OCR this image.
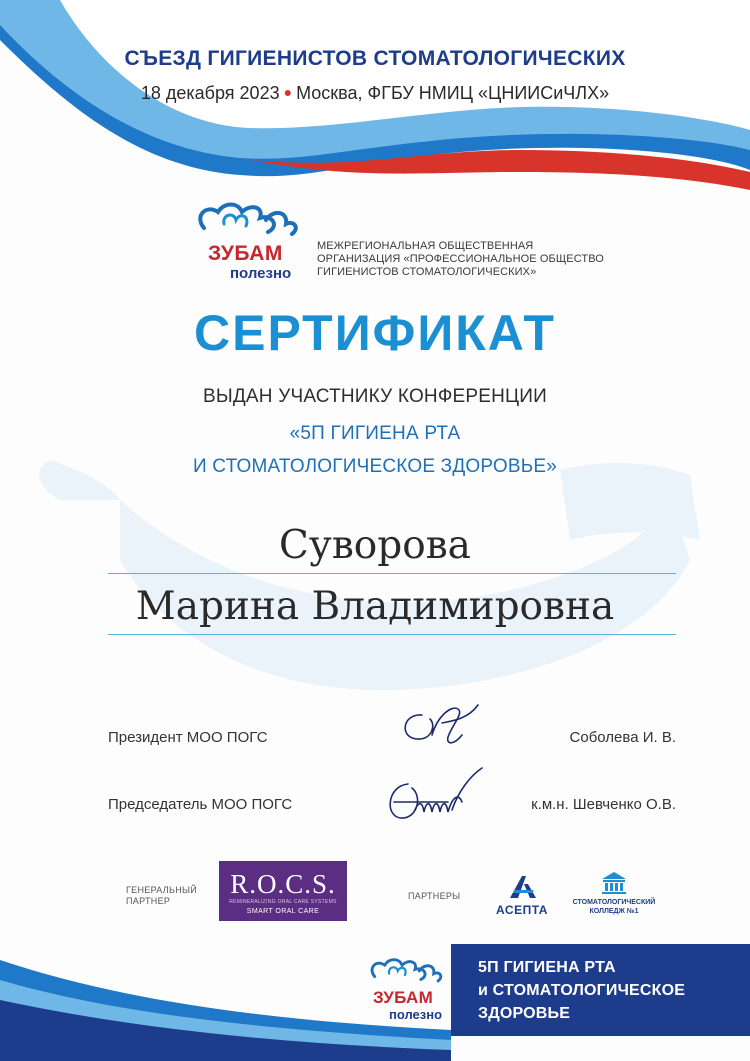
СЪЕЗД ГИГИЕНИСТОВ СТОМАТОЛОГИЧЕСКИХ
18 декабря 2023 ● Москва, ФГБУ НМИЦ «ЦНИИСиЧЛХ»
ЗУБАМ
полезно
МЕЖРЕГИОНАЛЬНАЯ ОБЩЕСТВЕННАЯ
ОРГАНИЗАЦИЯ «ПРОФЕССИОНАЛЬНОЕ ОБЩЕСТВО
ГИГИЕНИСТОВ СТОМАТОЛОГИЧЕСКИХ»
СЕРТИФИКАТ
ВЫДАН УЧАСТНИКУ КОНФЕРЕНЦИИ
«5П ГИГИЕНА РТА
И СТОМАТОЛОГИЧЕСКОЕ ЗДОРОВЬЕ»
Суворова
Марина Владимировна
Президент МОО ПОГС	Соболева И. В.
Председатель МОО ПОГС	к.м.н. Шевченко О.В.
ГЕНЕРАЛЬНЫЙ
ПАРТНЕР
R.O.C.S.
REMINERALIZING ORAL CARE SYSTEMS
SMART ORAL CARE
ПАРТНЕРЫ
АСЕПТА
СТОМАТОЛОГИЧЕСКИЙ
КОЛЛЕДЖ №1
ЗУБАМ
полезно
5П ГИГИЕНА РТА
и СТОМАТОЛОГИЧЕСКОЕ
ЗДОРОВЬЕ
